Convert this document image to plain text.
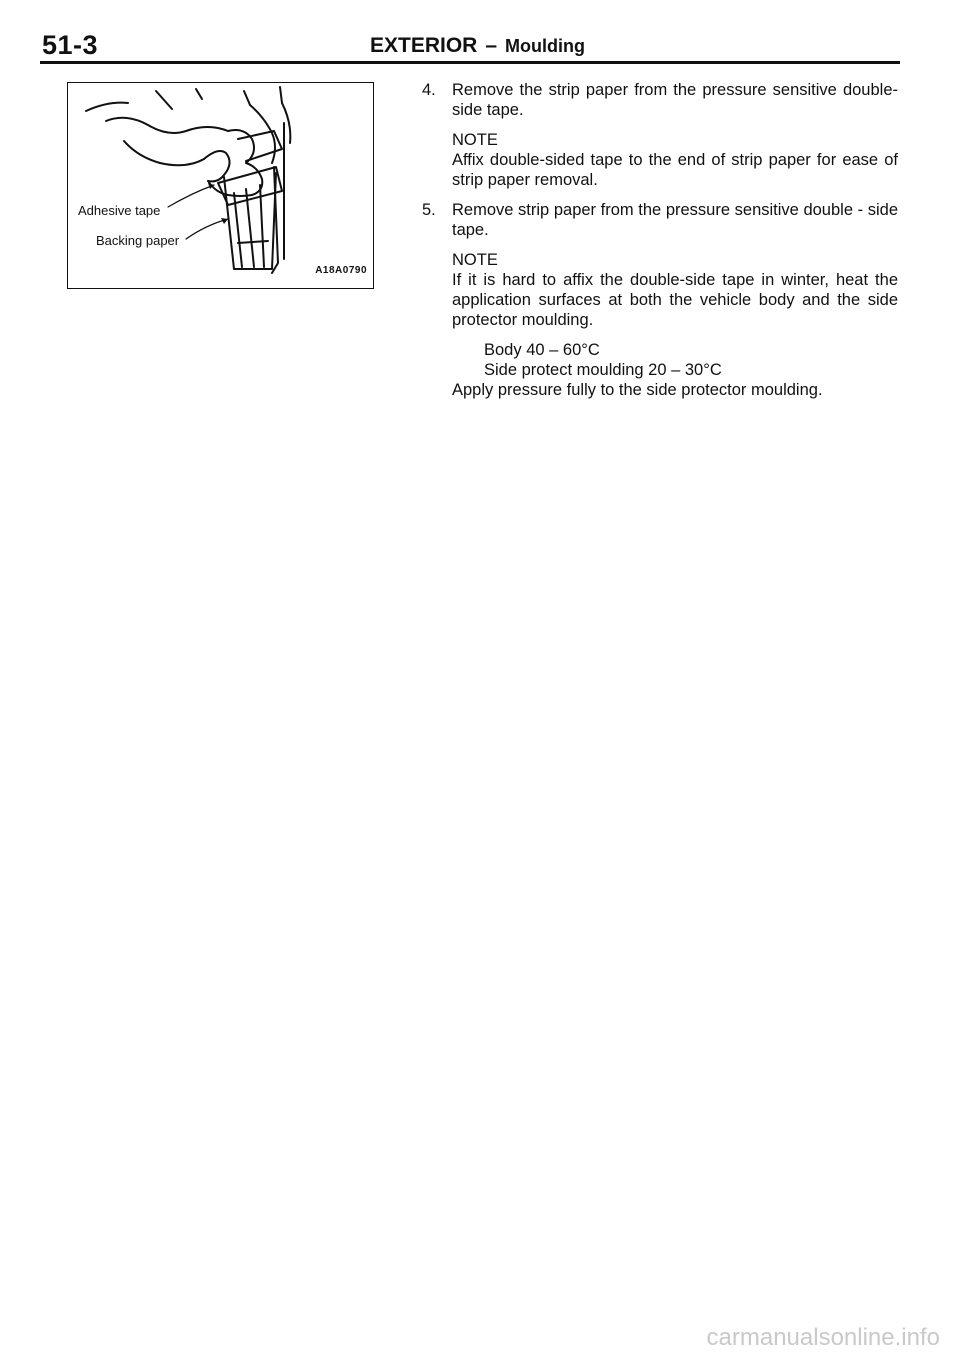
51-3	EXTERIOR – Moulding
Adhesive tape
Backing paper
A18A0790
4. Remove the strip paper from the pressure sensitive double-side tape.
NOTE
Affix double-sided tape to the end of strip paper for ease of strip paper removal.
5. Remove strip paper from the pressure sensitive double - side tape.
NOTE
If it is hard to affix the double-side tape in winter, heat the application surfaces at both the vehicle body and the side protector moulding.
Body 40 – 60°C
Side protect moulding 20 – 30°C
Apply pressure fully to the side protector moulding.
carmanualsonline.info
